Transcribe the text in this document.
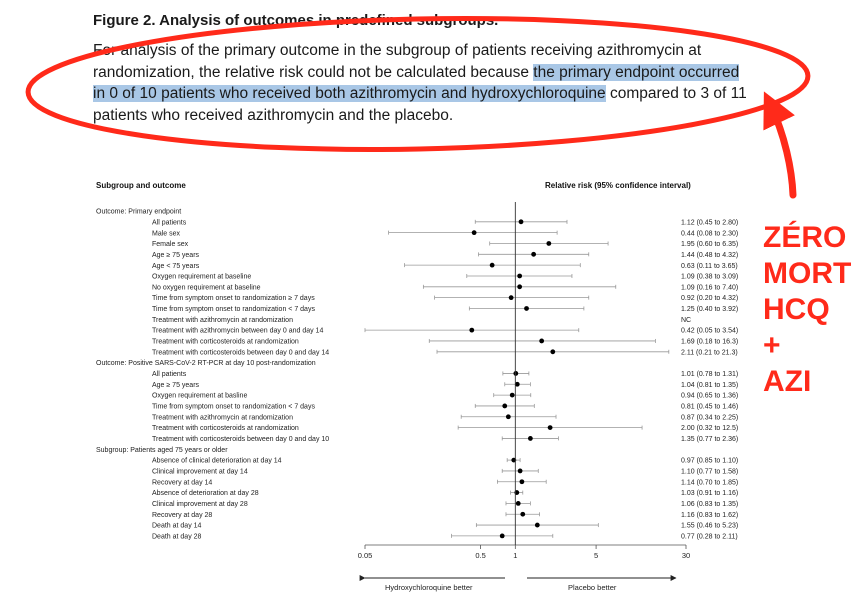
Figure 2. Analysis of outcomes in predefined subgroups.
For analysis of the primary outcome in the subgroup of patients receiving azithromycin at randomization, the relative risk could not be calculated because the primary endpoint occurred in 0 of 10 patients who received both azithromycin and hydroxychloroquine compared to 3 of 11 patients who received azithromycin and the placebo.
Subgroup and outcome	Relative risk (95% confidence interval)
Outcome: Primary endpoint
All patients	1.12 (0.45 to 2.80)
Male sex	0.44 (0.08 to 2.30)
Female sex	1.95 (0.60 to 6.35)
Age ≥ 75 years	1.44 (0.48 to 4.32)
Age < 75 years	0.63 (0.11 to 3.65)
Oxygen requirement at baseline	1.09 (0.38 to 3.09)
No oxygen requirement at baseline	1.09 (0.16 to 7.40)
Time from symptom onset to randomization ≥ 7 days	0.92 (0.20 to 4.32)
Time from symptom onset to randomization < 7 days	1.25 (0.40 to 3.92)
Treatment with azithromycin at randomization	NC
Treatment with azithromycin between day 0 and day 14	0.42 (0.05 to 3.54)
Treatment with corticosteroids at randomization	1.69 (0.18 to 16.3)
Treatment with corticosteroids between day 0 and day 14	2.11 (0.21 to 21.3)
Outcome: Positive SARS-CoV-2 RT-PCR at day 10 post-randomization
All patients	1.01 (0.78 to 1.31)
Age ≥ 75 years	1.04 (0.81 to 1.35)
Oxygen requirement at basline	0.94 (0.65 to 1.36)
Time from symptom onset to randomization < 7 days	0.81 (0.45 to 1.46)
Treatment with azithromycin at randomization	0.87 (0.34 to 2.25)
Treatment with corticosteroids at randomization	2.00 (0.32 to 12.5)
Treatment with corticosteroids between day 0 and day 10	1.35 (0.77 to 2.36)
Subgroup: Patients aged 75 years or older
Absence of clinical deterioration at day 14	0.97 (0.85 to 1.10)
Clinical improvement at day 14	1.10 (0.77 to 1.58)
Recovery at day 14	1.14 (0.70 to 1.85)
Absence of deterioration at day 28	1.03 (0.91 to 1.16)
Clinical improvement at day 28	1.06 (0.83 to 1.35)
Recovery at day 28	1.16 (0.83 to 1.62)
Death at day 14	1.55 (0.46 to 5.23)
Death at day 28	0.77 (0.28 to 2.11)
0.05	0.5	1	5	30
Hydroxychloroquine better	Placebo better
ZÉRO
MORT
HCQ
+
AZI
